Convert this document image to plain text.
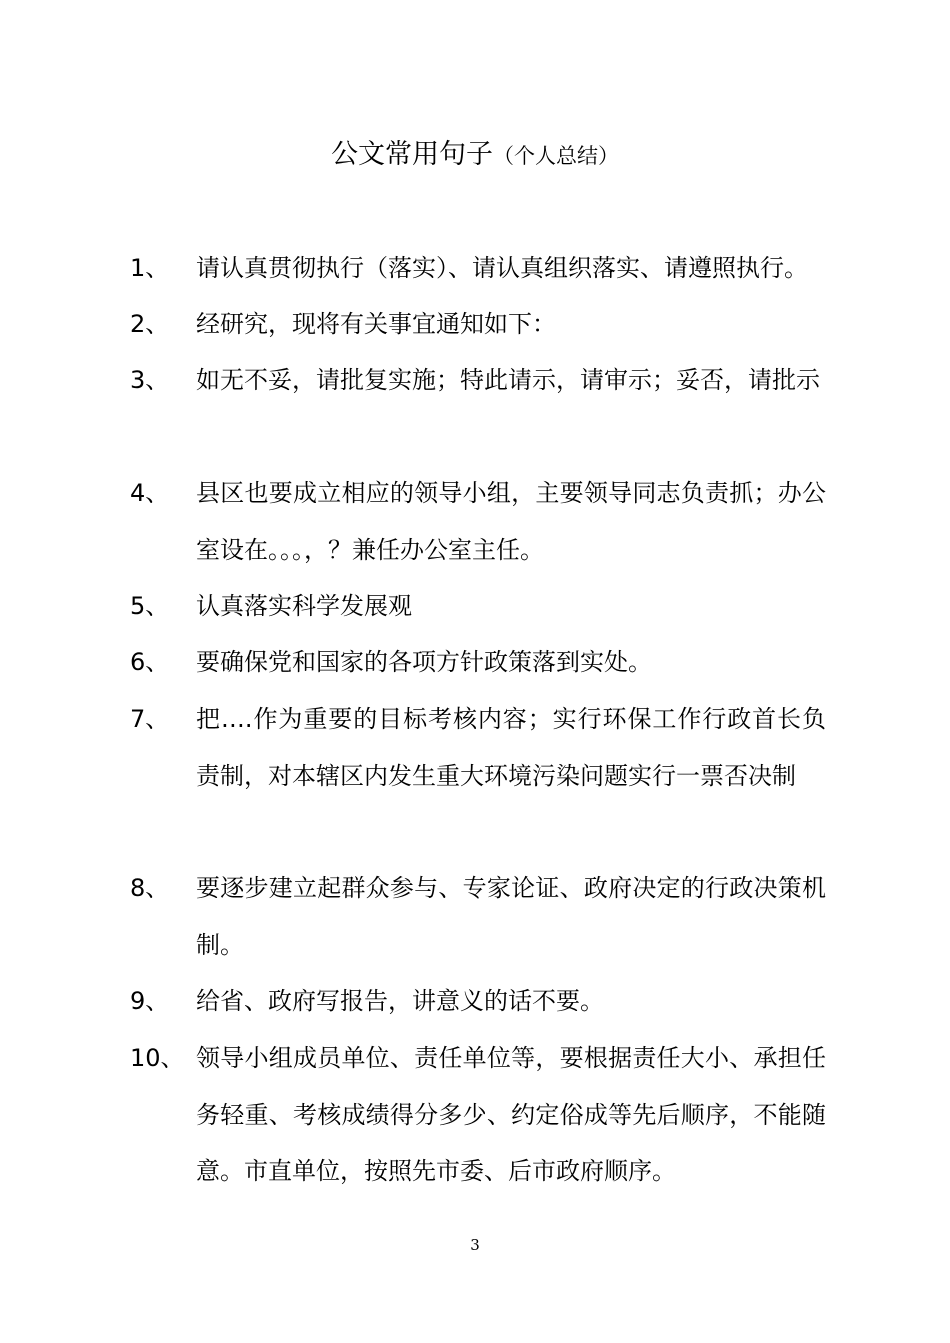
公文常用句子（个人总结）
1、 请认真贯彻执行（落实）、请认真组织落实、请遵照执行。
2、 经研究，现将有关事宜通知如下：
3、 如无不妥，请批复实施；特此请示，请审示；妥否，请批示
4、 县区也要成立相应的领导小组，主要领导同志负责抓；办公室设在。。。，？兼任办公室主任。
5、 认真落实科学发展观
6、 要确保党和国家的各项方针政策落到实处。
7、 把….作为重要的目标考核内容；实行环保工作行政首长负责制，对本辖区内发生重大环境污染问题实行一票否决制
8、 要逐步建立起群众参与、专家论证、政府决定的行政决策机制。
9、 给省、政府写报告，讲意义的话不要。
10、 领导小组成员单位、责任单位等，要根据责任大小、承担任务轻重、考核成绩得分多少、约定俗成等先后顺序，不能随意。市直单位，按照先市委、后市政府顺序。
3
